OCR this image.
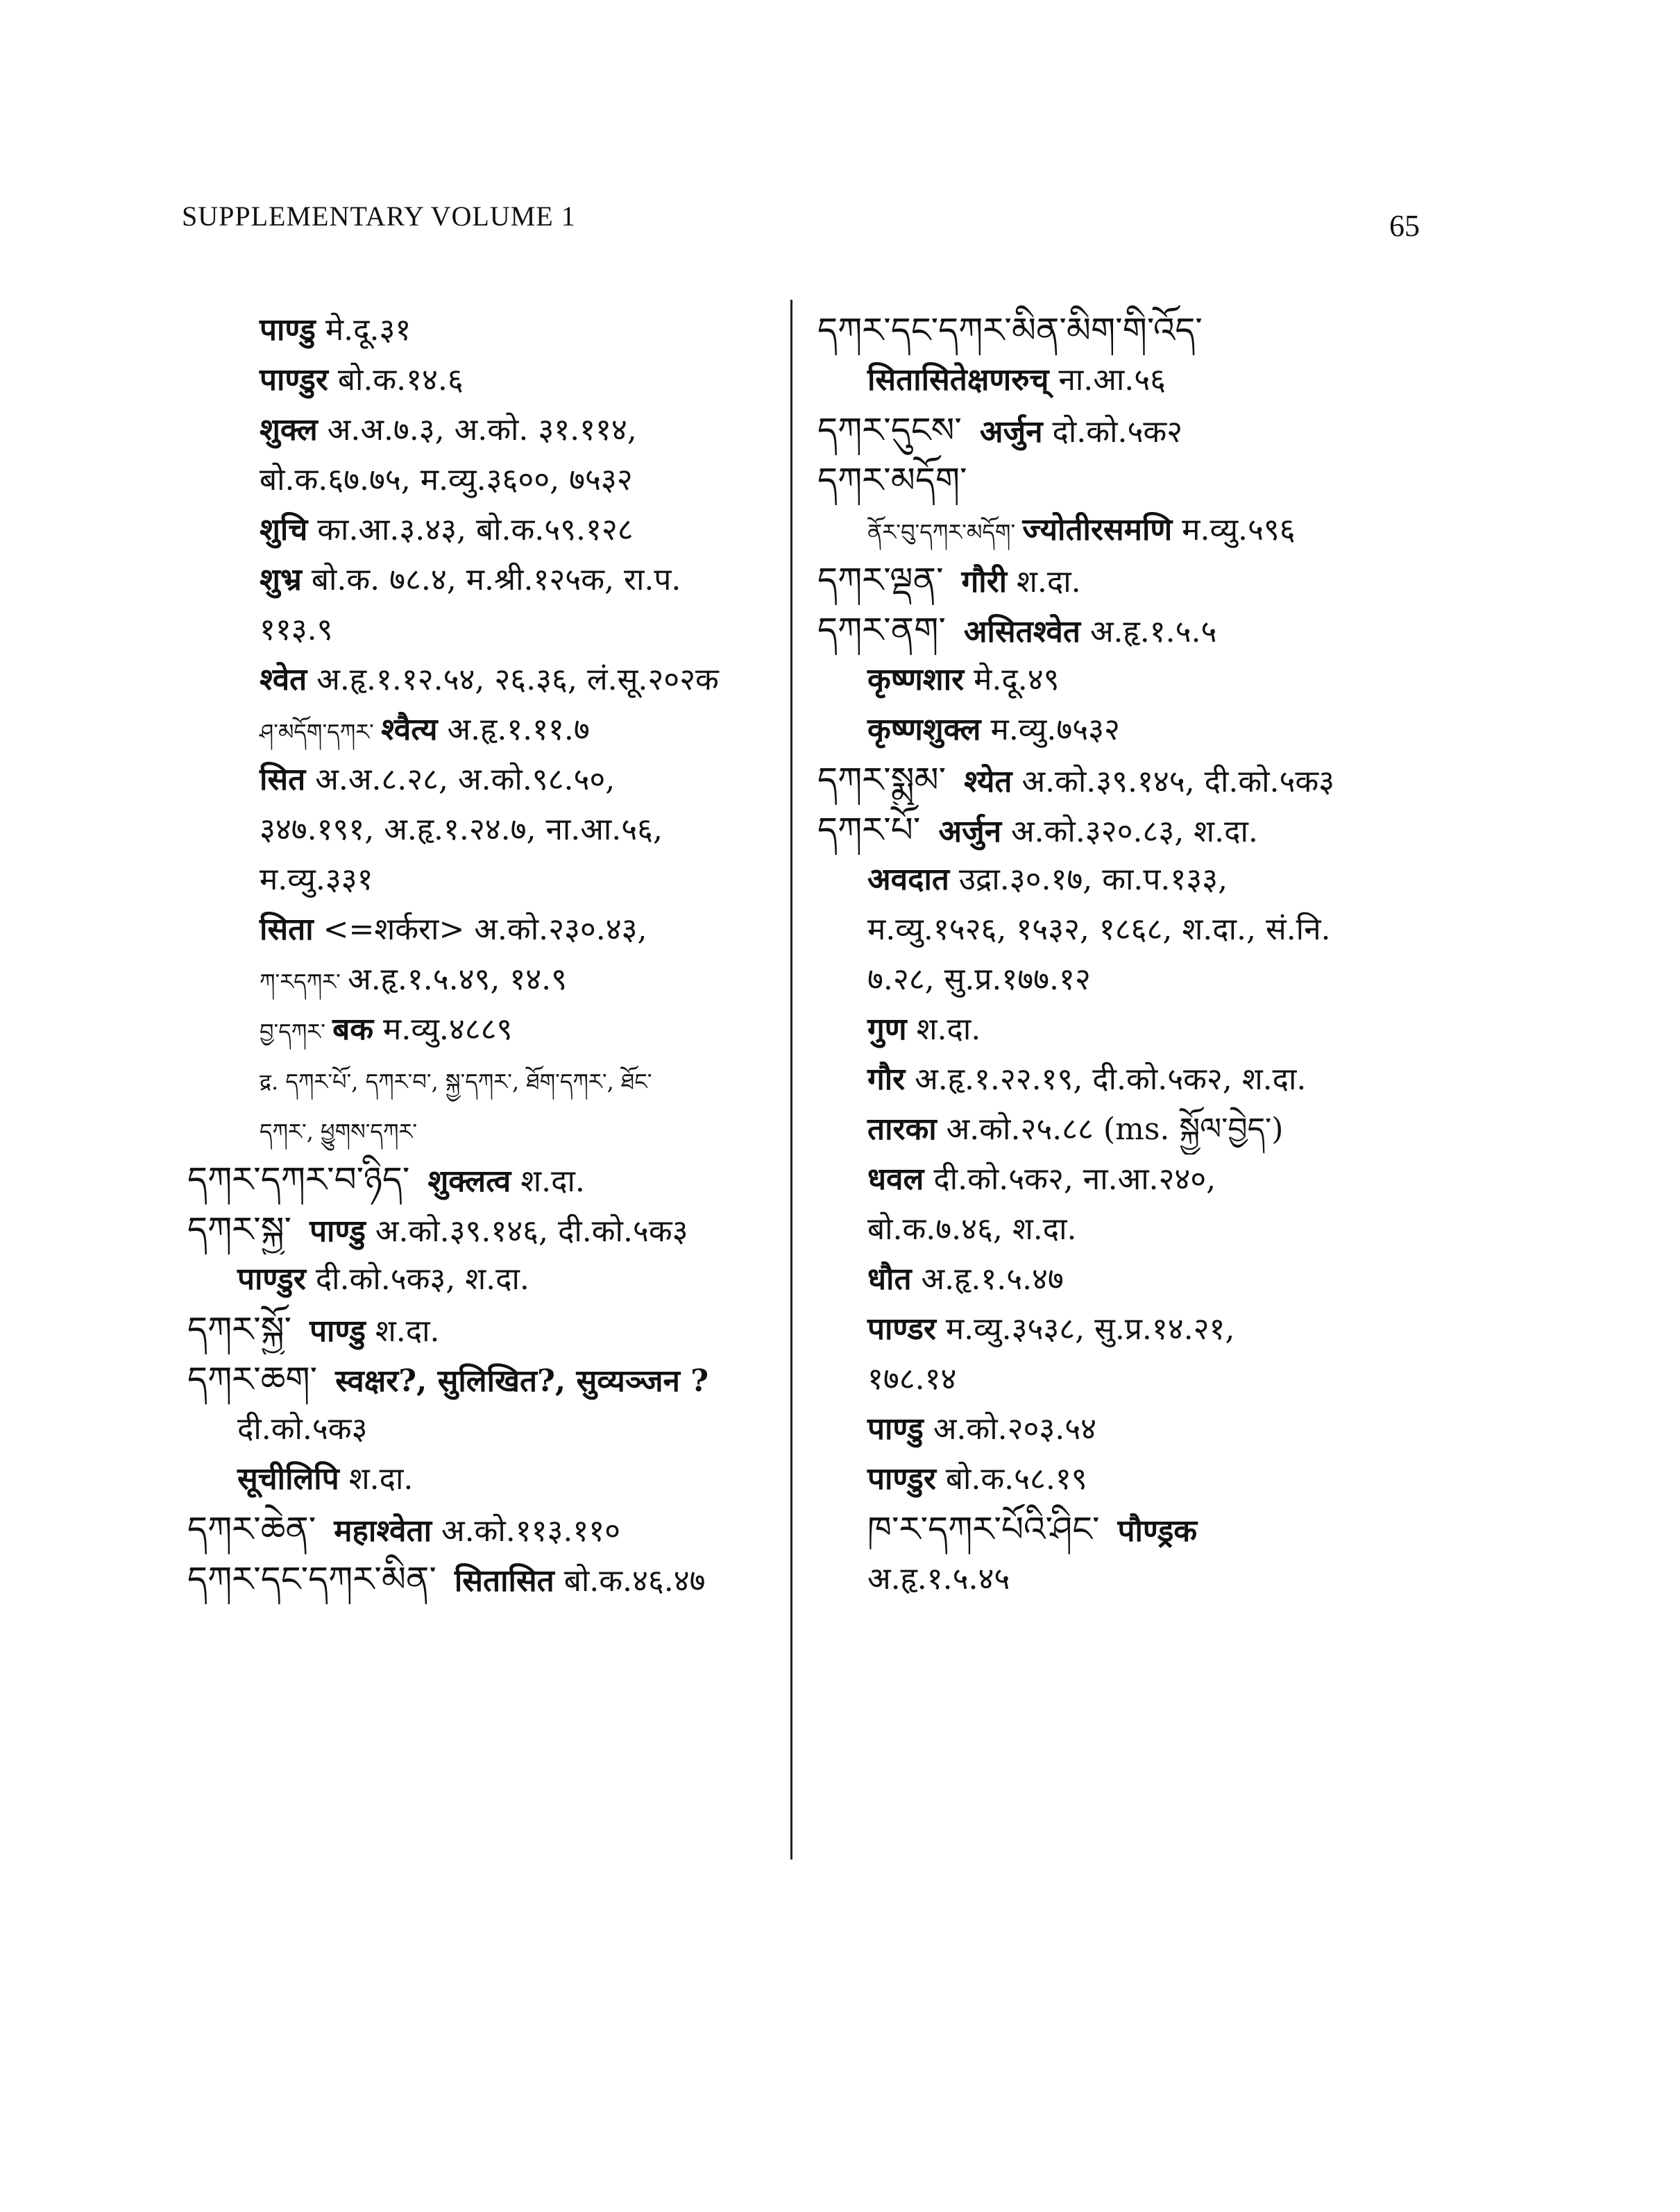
SUPPLEMENTARY VOLUME 1	65
पाण्डु मे.दू.३१
पाण्डुर बो.क.१४.६
शुक्ल अ.अ.७.३, अ.को. ३१.११४,
बो.क.६७.७५, म.व्यु.३६००, ७५३२
शुचि का.आ.३.४३, बो.क.५९.१२८
शुभ्र बो.क. ७८.४, म.श्री.१२५क, रा.प.
११३.९
श्वेत अ.हृ.१.१२.५४, २६.३६, लं.सू.२०२क
ཤ་མདོག་དཀར་ श्वैत्य अ.हृ.१.११.७
सित अ.अ.८.२८, अ.को.९८.५०,
३४७.१९१, अ.हृ.१.२४.७, ना.आ.५६,
म.व्यु.३३१
सिता <=शर्करा> अ.को.२३०.४३,
ཀ་རདཀར་ अ.हृ.१.५.४९, १४.९
བྱ་དཀར་ बक म.व्यु.४८८९
द्र. དཀར་པོ་, དཀར་བ་, སྐྱ་དཀར་, ཐོག་དཀར་, ཐོང་
དཀར་, ཕྱུགས་དཀར་
དཀར་དཀར་བ་ཉིད་ शुक्लत्व श.दा.
དཀར་སྐྱ་ पाण्डु अ.को.३९.१४६, दी.को.५क३
पाण्डुर दी.को.५क३, श.दा.
དཀར་སྐྱོ་ पाण्डु श.दा.
དཀར་ཆག་ स्वक्षर?, सुलिखित?, सुव्यञ्जन ?
दी.को.५क३
सूचीलिपि श.दा.
དཀར་ཆེན་ महाश्वेता अ.को.११३.११०
དཀར་དང་དཀར་མིན་ सितासित बो.क.४६.४७
དཀར་དང་དཀར་མིན་མིག་གི་འོད་
सितासितेक्षणरुच् ना.आ.५६
དཀར་དུངས་ अर्जुन दो.को.५क२
དཀར་མདོག་
ནོར་བུ་དཀར་མདོག་ ज्योतीरसमणि म.व्यु.५९६
དཀར་ལྡན་ गौरी श.दा.
དཀར་ནག་ असितश्वेत अ.हृ.१.५.५
कृष्णशार मे.दू.४९
कृष्णशुक्ल म.व्यु.७५३२
དཀར་སྨུམ་ श्येत अ.को.३९.१४५, दी.को.५क३
དཀར་པོ་ अर्जुन अ.को.३२०.८३, श.दा.
अवदात उद्रा.३०.१७, का.प.१३३,
म.व्यु.१५२६, १५३२, १८६८, श.दा., सं.नि.
७.२८, सु.प्र.१७७.१२
गुण श.दा.
गौर अ.हृ.१.२२.१९, दी.को.५क२, श.दा.
तारका अ.को.२५.८८ (ms. སྐྱོལ་བྱེད་)
धवल दी.को.५क२, ना.आ.२४०,
बो.क.७.४६, श.दा.
धौत अ.हृ.१.५.४७
पाण्डर म.व्यु.३५३८, सु.प्र.१४.२१,
१७८.१४
पाण्डु अ.को.२०३.५४
पाण्डुर बो.क.५८.१९
ཁ་ར་དཀར་པོའི་ཤིང་ पौण्ड्रक
अ.हृ.१.५.४५
